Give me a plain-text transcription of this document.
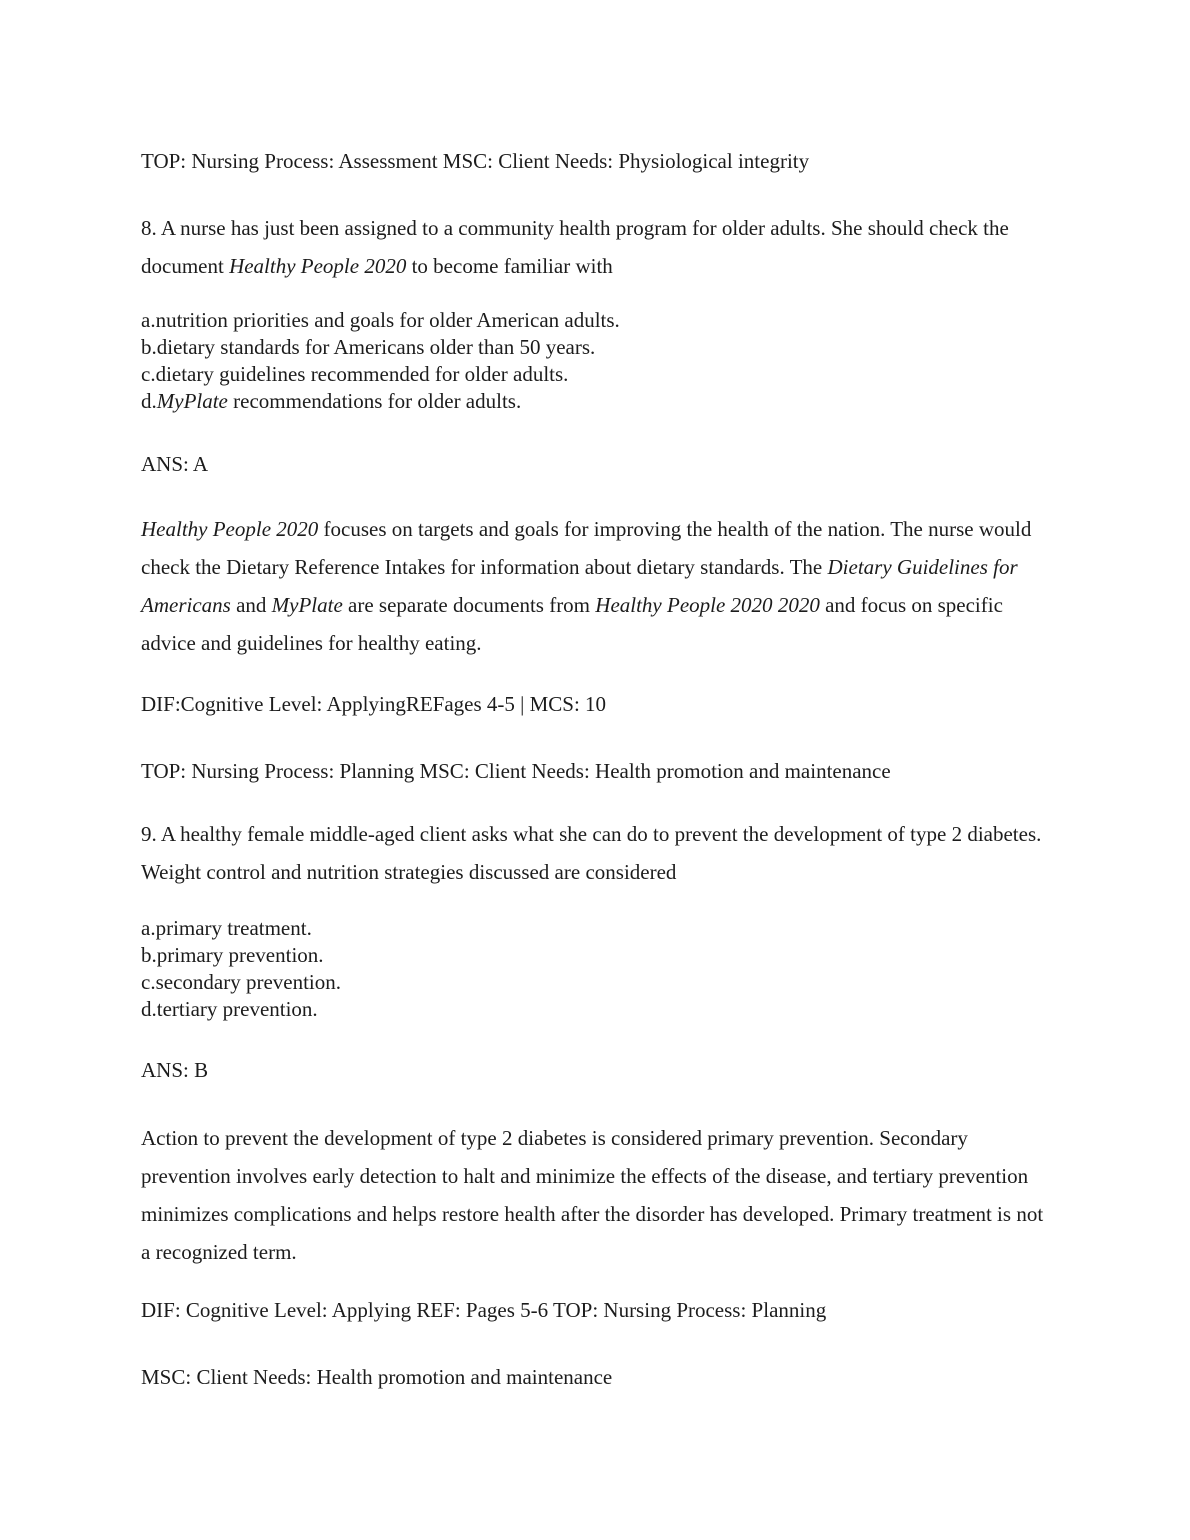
TOP: Nursing Process: Assessment MSC: Client Needs: Physiological integrity

8. A nurse has just been assigned to a community health program for older adults. She should check the document Healthy People 2020 to become familiar with

a.nutrition priorities and goals for older American adults.

b.dietary standards for Americans older than 50 years.

c.dietary guidelines recommended for older adults.

d.MyPlate recommendations for older adults.

ANS: A

Healthy People 2020 focuses on targets and goals for improving the health of the nation. The nurse would check the Dietary Reference Intakes for information about dietary standards. The Dietary Guidelines for Americans and MyPlate are separate documents from Healthy People 2020 2020 and focus on specific advice and guidelines for healthy eating.

DIF:Cognitive Level: ApplyingREFages 4-5 | MCS: 10

TOP: Nursing Process: Planning MSC: Client Needs: Health promotion and maintenance

9. A healthy female middle-aged client asks what she can do to prevent the development of type 2 diabetes. Weight control and nutrition strategies discussed are considered

a.primary treatment.

b.primary prevention.

c.secondary prevention.

d.tertiary prevention.

ANS: B

Action to prevent the development of type 2 diabetes is considered primary prevention. Secondary prevention involves early detection to halt and minimize the effects of the disease, and tertiary prevention minimizes complications and helps restore health after the disorder has developed. Primary treatment is not a recognized term.

DIF: Cognitive Level: Applying REF: Pages 5-6 TOP: Nursing Process: Planning

MSC: Client Needs: Health promotion and maintenance
